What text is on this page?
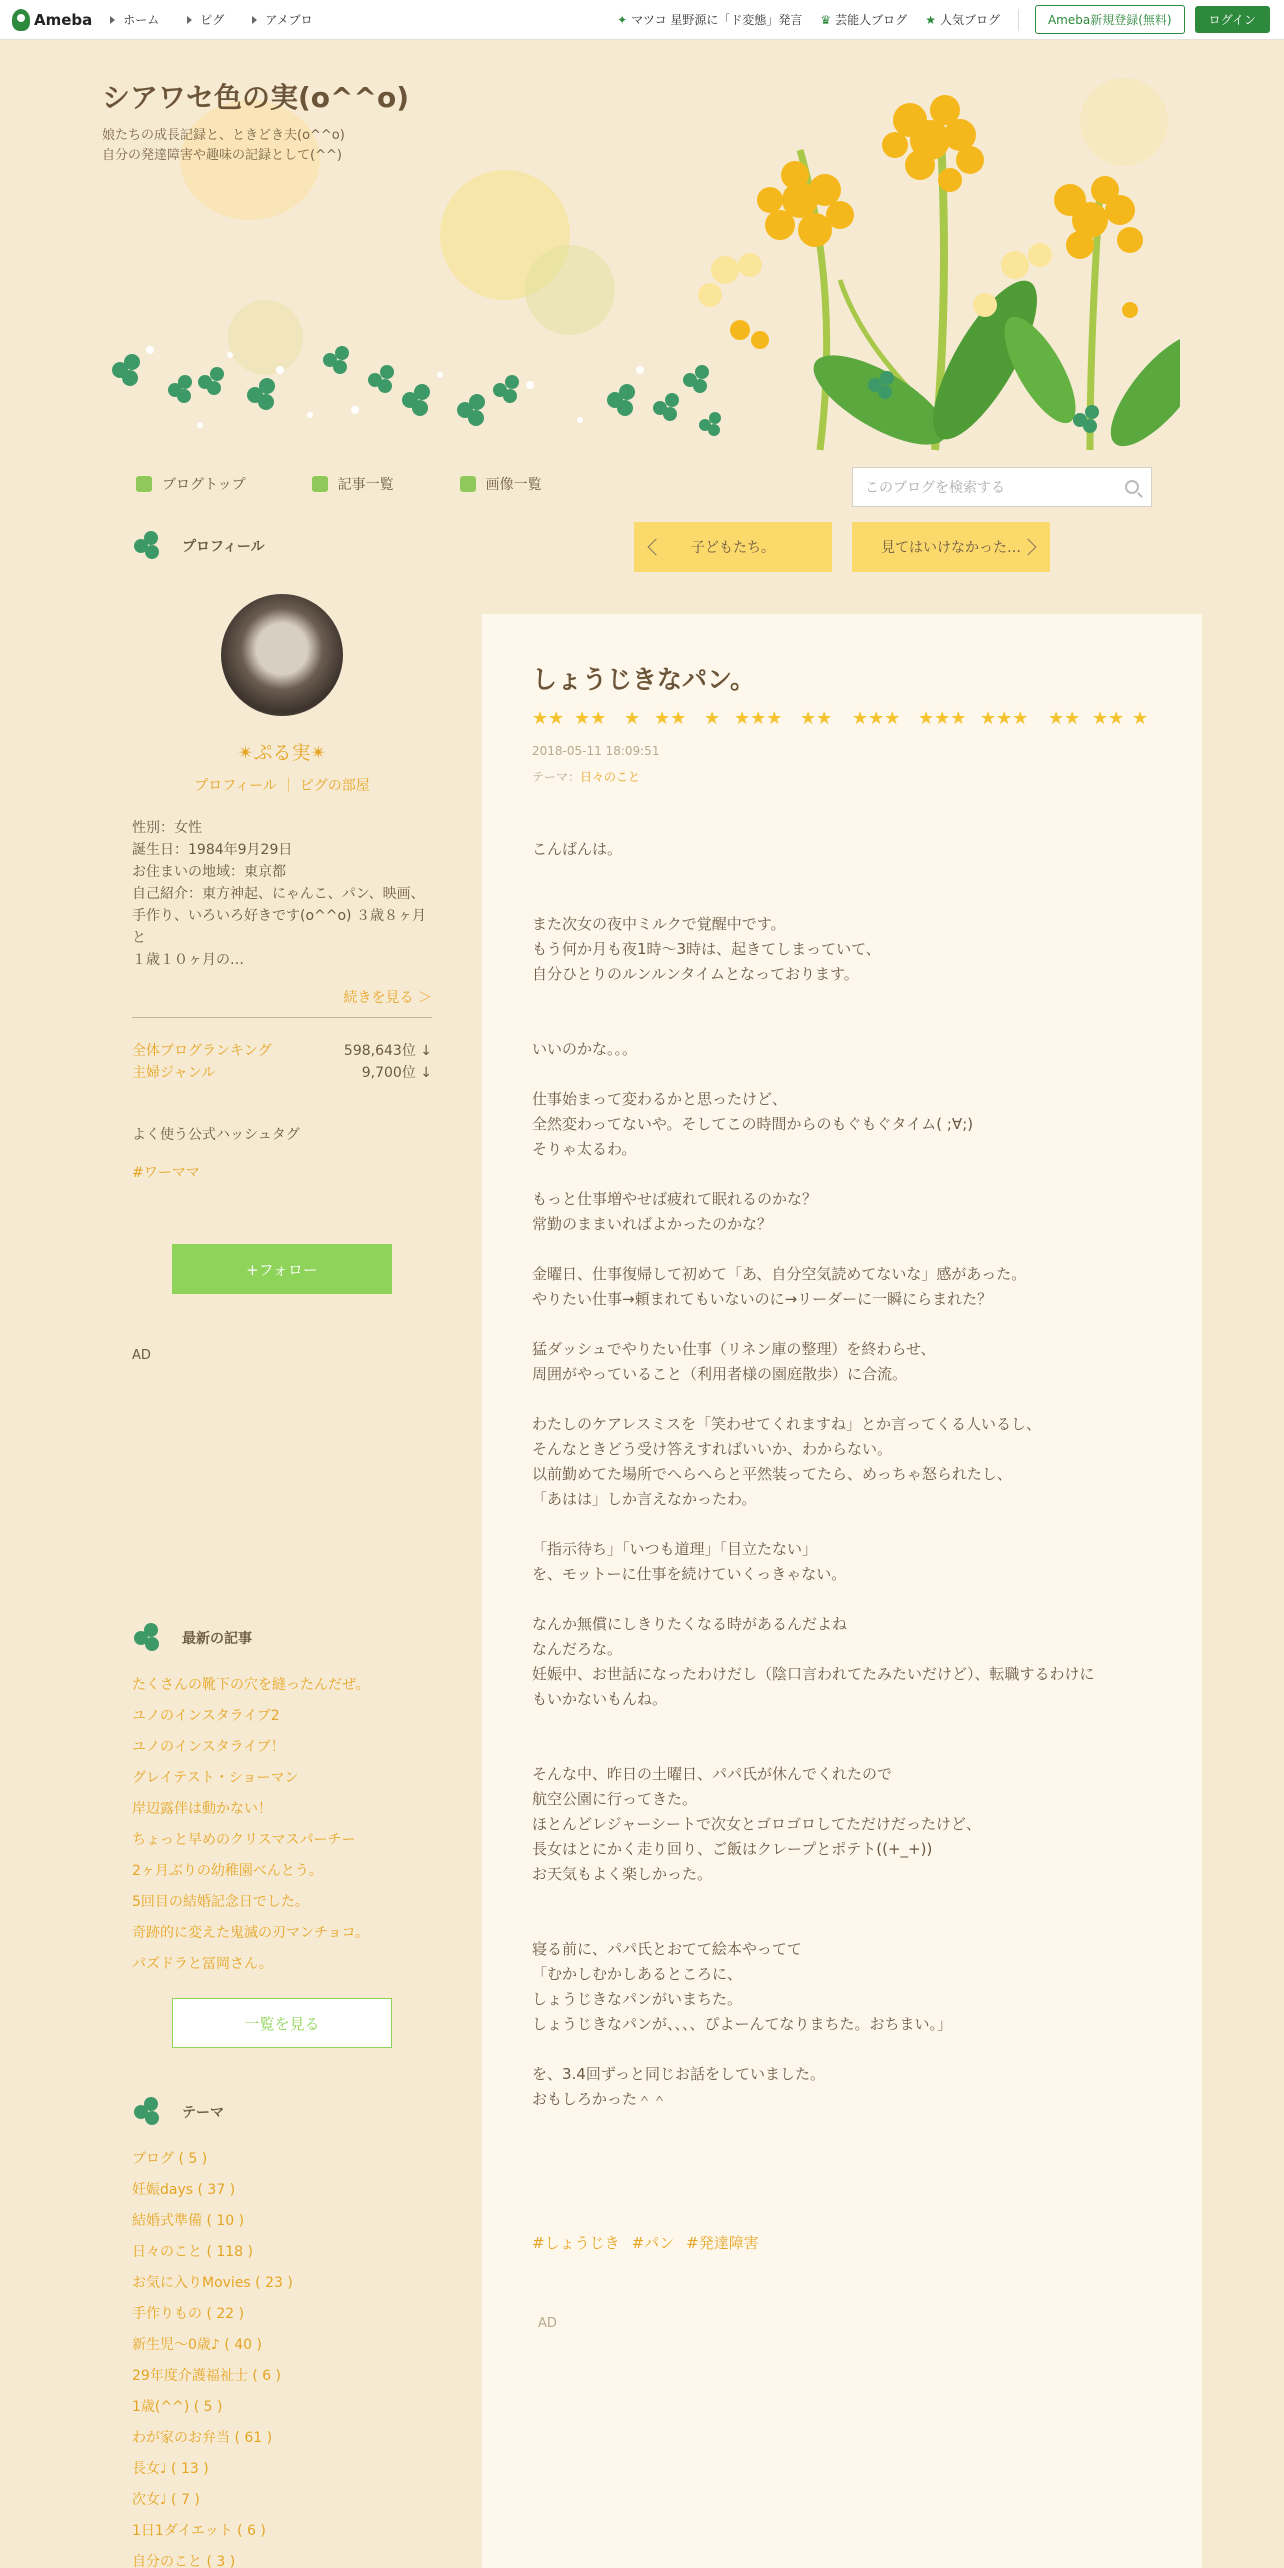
Ameba	ホーム	ピグ	アメブロ	✦ マツコ 星野源に「ド変態」発言 ♛ 芸能人ブログ ★ 人気ブログ	Ameba新規登録(無料)	ログイン
シアワセ色の実(o^^o)
娘たちの成長記録と、ときどき夫(o^^o)
自分の発達障害や趣味の記録として(^^)
ブログトップ	記事一覧	画像一覧	このブログを検索する
子どもたち。	見てはいけなかった…
プロフィール
✴︎ぷる実✴︎
プロフィール ｜ ピグの部屋
性別：女性
誕生日：1984年9月29日
お住まいの地域：東京都
自己紹介：東方神起、にゃんこ、パン、映画、
手作り、いろいろ好きです(o^^o) ３歳８ヶ月と
１歳１０ヶ月の…
続きを見る ＞
全体ブログランキング	598,643位 ↓
主婦ジャンル	9,700位 ↓
よく使う公式ハッシュタグ
#ワーママ
+フォロー
AD
最新の記事
たくさんの靴下の穴を縫ったんだぜ。
ユノのインスタライブ2
ユノのインスタライブ！
グレイテスト・ショーマン
岸辺露伴は動かない！
ちょっと早めのクリスマスパーチー
2ヶ月ぶりの幼稚園べんとう。
5回目の結婚記念日でした。
奇跡的に変えた鬼滅の刃マンチョコ。
パズドラと冨岡さん。
一覧を見る
テーマ
ブログ ( 5 )
妊娠days ( 37 )
結婚式準備 ( 10 )
日々のこと ( 118 )
お気に入りMovies ( 23 )
手作りもの ( 22 )
新生児〜0歳♪ ( 40 )
29年度介護福祉士 ( 6 )
1歳(^^) ( 5 )
わが家のお弁当 ( 61 )
長女♩ ( 13 )
次女♩ ( 7 )
1日1ダイエット ( 6 )
自分のこと ( 3 )
しょうじきなパン。
★★ ★★ ★ ★★ ★ ★★★ ★★ ★★★ ★★★ ★★★ ★★ ★★ ★
2018-05-11 18:09:51
テーマ：日々のこと
こんばんは。

また次女の夜中ミルクで覚醒中です。
もう何か月も夜1時～3時は、起きてしまっていて、
自分ひとりのルンルンタイムとなっております。

いいのかな。。。

仕事始まって変わるかと思ったけど、
全然変わってないや。そしてこの時間からのもぐもぐタイム( ;∀;)
そりゃ太るわ。

もっと仕事増やせば疲れて眠れるのかな？
常勤のままいればよかったのかな？

金曜日、仕事復帰して初めて「あ、自分空気読めてないな」感があった。
やりたい仕事→頼まれてもいないのに→リーダーに一瞬にらまれた？

猛ダッシュでやりたい仕事（リネン庫の整理）を終わらせ、
周囲がやっていること（利用者様の園庭散歩）に合流。

わたしのケアレスミスを「笑わせてくれますね」とか言ってくる人いるし、
そんなときどう受け答えすればいいか、わからない。
以前勤めてた場所でへらへらと平然装ってたら、めっちゃ怒られたし、
「あはは」しか言えなかったわ。

「指示待ち」「いつも道理」「目立たない」
を、モットーに仕事を続けていくっきゃない。

なんか無償にしきりたくなる時があるんだよね
なんだろな。
妊娠中、お世話になったわけだし（陰口言われてたみたいだけど）、転職するわけに
もいかないもんね。

そんな中、昨日の土曜日、パパ氏が休んでくれたので
航空公園に行ってきた。
ほとんどレジャーシートで次女とゴロゴロしてただけだったけど、
長女はとにかく走り回り、ご飯はクレープとポテト((+_+))
お天気もよく楽しかった。

寝る前に、パパ氏とおてて絵本やってて
「むかしむかしあるところに、
しょうじきなパンがいまちた。
しょうじきなパンが、、、、ぴよーんてなりまちた。おちまい。」

を、3.4回ずっと同じお話をしていました。
おもしろかった＾＾
#しょうじき #パン #発達障害
AD
